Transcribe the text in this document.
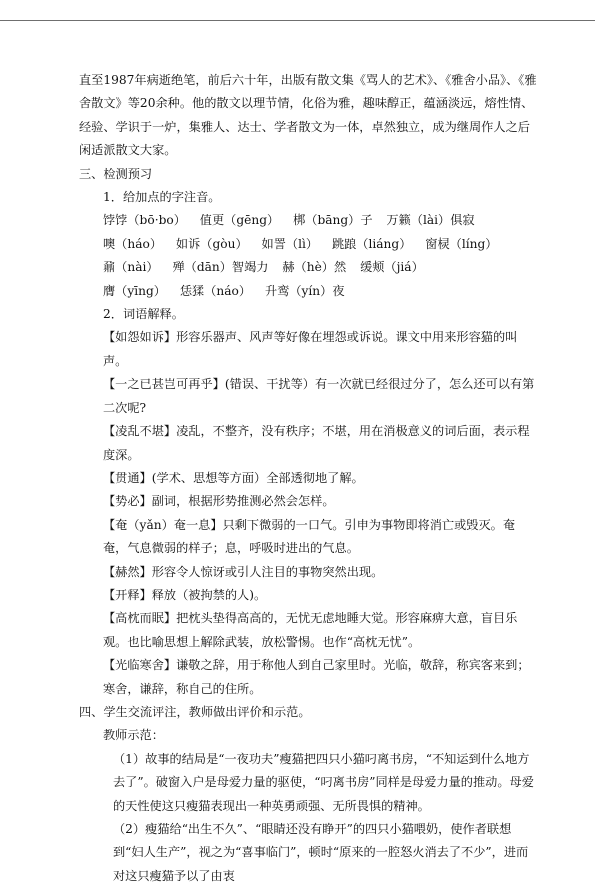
直至1987年病逝绝笔，前后六十年，出版有散文集《骂人的艺术》、《雅舍小品》、《雅舍散文》等20余种。他的散文以理节情，化俗为雅，趣味醇正，蕴涵淡远，熔性情、经验、学识于一炉，集雅人、达士、学者散文为一体，卓然独立，成为继周作人之后闲适派散文大家。

三、检测预习

1．给加点的字注音。

饽饽（bō·bo） 值更（gēng） 梆（bāng）子 万籁（lài）俱寂
噢（háo） 如诉（gòu） 如詈（lì） 跳踉（liáng） 窗棂（líng）
鼐（nài） 殚（dān）智竭力 赫（hè）然 缓颊（jiá）
膺（yīng） 恁猱（náo） 升鸾（yín）夜

2．词语解释。

【如怨如诉】形容乐器声、风声等好像在埋怨或诉说。课文中用来形容猫的叫声。

【一之已甚岂可再乎】(错误、干扰等）有一次就已经很过分了，怎么还可以有第二次呢?

【凌乱不堪】凌乱，不整齐，没有秩序；不堪，用在消极意义的词后面，表示程度深。

【贯通】(学术、思想等方面）全部透彻地了解。

【势必】副词，根据形势推测必然会怎样。

【奄（yǎn）奄一息】只剩下微弱的一口气。引申为事物即将消亡或毁灭。奄奄，气息微弱的样子；息，呼吸时进出的气息。

【赫然】形容令人惊讶或引人注目的事物突然出现。

【开释】释放（被拘禁的人)。

【高枕而眠】把枕头垫得高高的，无忧无虑地睡大觉。形容麻痹大意，盲目乐观。也比喻思想上解除武装，放松警惕。也作“高枕无忧”。

【光临寒舍】谦敬之辞，用于称他人到自己家里时。光临，敬辞，称宾客来到；寒舍，谦辞，称自己的住所。

四、学生交流评注，教师做出评价和示范。

教师示范：

（1）故事的结局是“一夜功夫”瘦猫把四只小猫叼离书房，“不知运到什么地方去了”。破窗入户是母爱力量的驱使，“叼离书房”同样是母爱力量的推动。母爱的天性使这只瘦猫表现出一种英勇顽强、无所畏惧的精神。

（2）瘦猫给“出生不久”、“眼睛还没有睁开”的四只小猫喂奶，使作者联想到“妇人生产”，视之为“喜事临门”，顿时“原来的一腔怒火消去了不少”，进而对这只瘦猫予以了由衷
